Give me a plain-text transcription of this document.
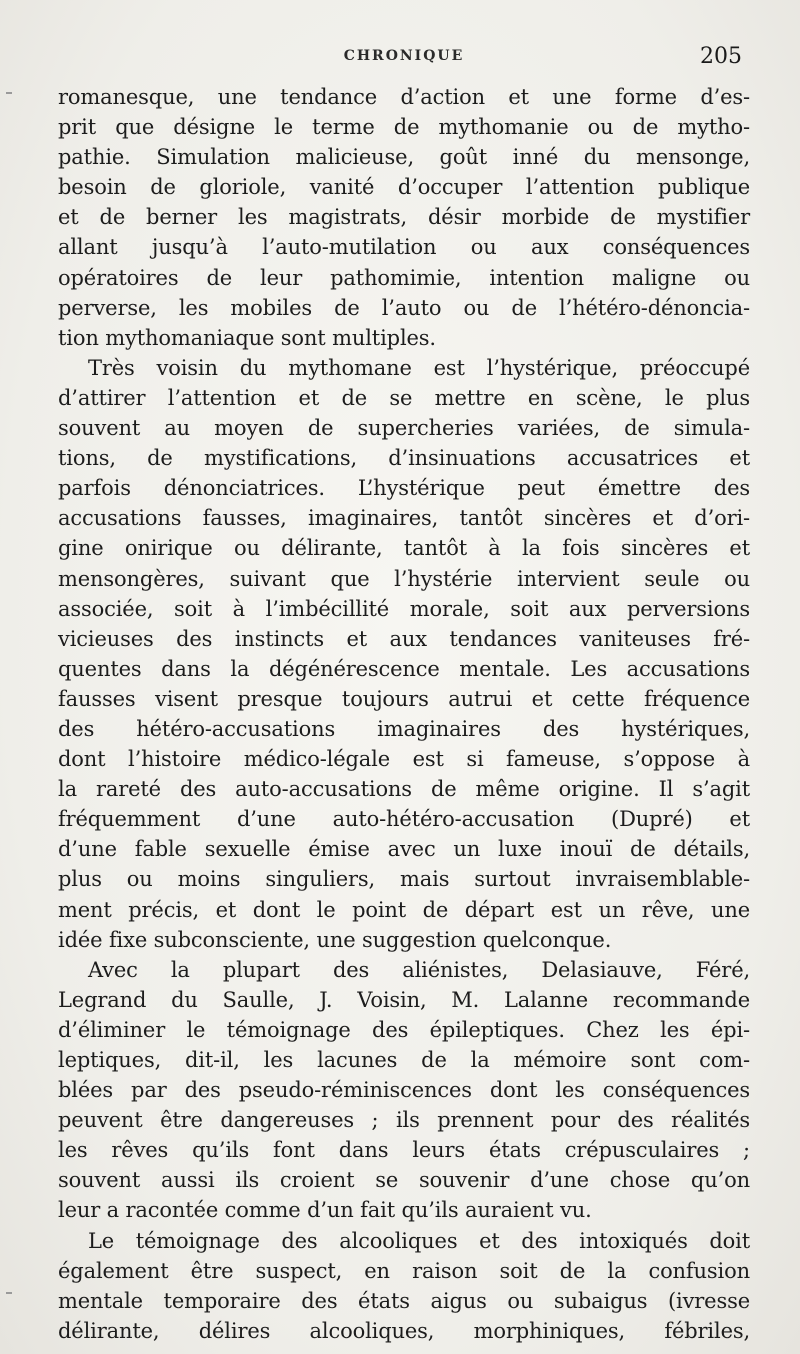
CHRONIQUE	205
romanesque, une tendance d’action et une forme d’es-
prit que désigne le terme de mythomanie ou de mytho-
pathie. Simulation malicieuse, goût inné du mensonge,
besoin de gloriole, vanité d’occuper l’attention publique
et de berner les magistrats, désir morbide de mystifier
allant jusqu’à l’auto-mutilation ou aux conséquences
opératoires de leur pathomimie, intention maligne ou
perverse, les mobiles de l’auto ou de l’hétéro-dénoncia-
tion mythomaniaque sont multiples.
Très voisin du mythomane est l’hystérique, préoccupé
d’attirer l’attention et de se mettre en scène, le plus
souvent au moyen de supercheries variées, de simula-
tions, de mystifications, d’insinuations accusatrices et
parfois dénonciatrices. L’hystérique peut émettre des
accusations fausses, imaginaires, tantôt sincères et d’ori-
gine onirique ou délirante, tantôt à la fois sincères et
mensongères, suivant que l’hystérie intervient seule ou
associée, soit à l’imbécillité morale, soit aux perversions
vicieuses des instincts et aux tendances vaniteuses fré-
quentes dans la dégénérescence mentale. Les accusations
fausses visent presque toujours autrui et cette fréquence
des hétéro-accusations imaginaires des hystériques,
dont l’histoire médico-légale est si fameuse, s’oppose à
la rareté des auto-accusations de même origine. Il s’agit
fréquemment d’une auto-hétéro-accusation (Dupré) et
d’une fable sexuelle émise avec un luxe inouï de détails,
plus ou moins singuliers, mais surtout invraisemblable-
ment précis, et dont le point de départ est un rêve, une
idée fixe subconsciente, une suggestion quelconque.
Avec la plupart des aliénistes, Delasiauve, Féré,
Legrand du Saulle, J. Voisin, M. Lalanne recommande
d’éliminer le témoignage des épileptiques. Chez les épi-
leptiques, dit-il, les lacunes de la mémoire sont com-
blées par des pseudo-réminiscences dont les conséquences
peuvent être dangereuses ; ils prennent pour des réalités
les rêves qu’ils font dans leurs états crépusculaires ;
souvent aussi ils croient se souvenir d’une chose qu’on
leur a racontée comme d’un fait qu’ils auraient vu.
Le témoignage des alcooliques et des intoxiqués doit
également être suspect, en raison soit de la confusion
mentale temporaire des états aigus ou subaigus (ivresse
délirante, délires alcooliques, morphiniques, fébriles,
